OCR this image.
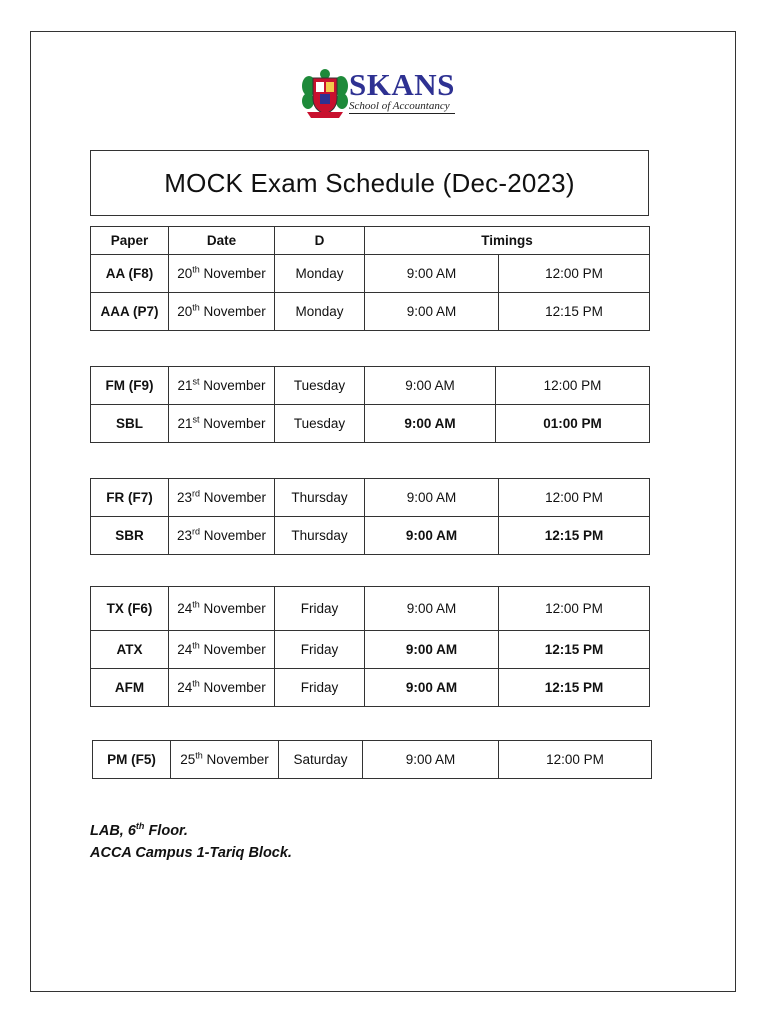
SKANS
School of Accountancy
MOCK Exam Schedule (Dec-2023)
Paper	Date	D	Timings	
AA (F8)	20th November	Monday	9:00 AM	12:00 PM
AAA (P7)	20th November	Monday	9:00 AM	12:15 PM
FM (F9)	21st November	Tuesday	9:00 AM	12:00 PM
SBL	21st November	Tuesday	9:00 AM	01:00 PM
FR (F7)	23rd November	Thursday	9:00 AM	12:00 PM
SBR	23rd November	Thursday	9:00 AM	12:15 PM
TX (F6)	24th November	Friday	9:00 AM	12:00 PM
ATX	24th November	Friday	9:00 AM	12:15 PM
AFM	24th November	Friday	9:00 AM	12:15 PM
PM (F5)	25th November	Saturday	9:00 AM	12:00 PM
LAB, 6th Floor.
ACCA Campus 1-Tariq Block.
